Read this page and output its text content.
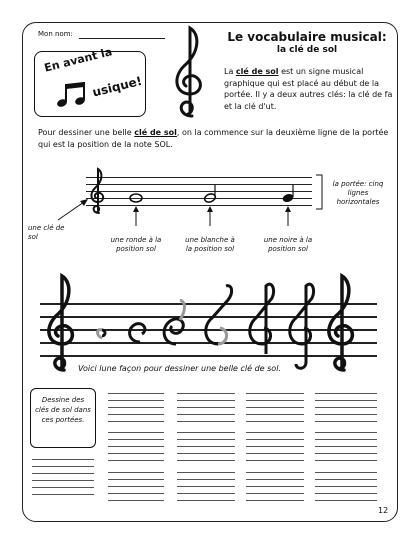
Mon nom:
En avant la
usique!
Le vocabulaire musical:
la clé de sol
La clé de sol est un signe musical graphique qui est placé au début de la portée. Il y a deux autres clés: la clé de fa et la clé d'ut.
Pour dessiner une belle clé de sol, on la commence sur la deuxième ligne de la portée qui est la position de la note SOL.
une clé de sol
la portée: cinq lignes horizontales
une ronde à la position sol
une blanche à la position sol
une noire à la position sol
Voici lune façon pour dessiner une belle clé de sol.
Dessine des clés de sol dans ces portées.
12
